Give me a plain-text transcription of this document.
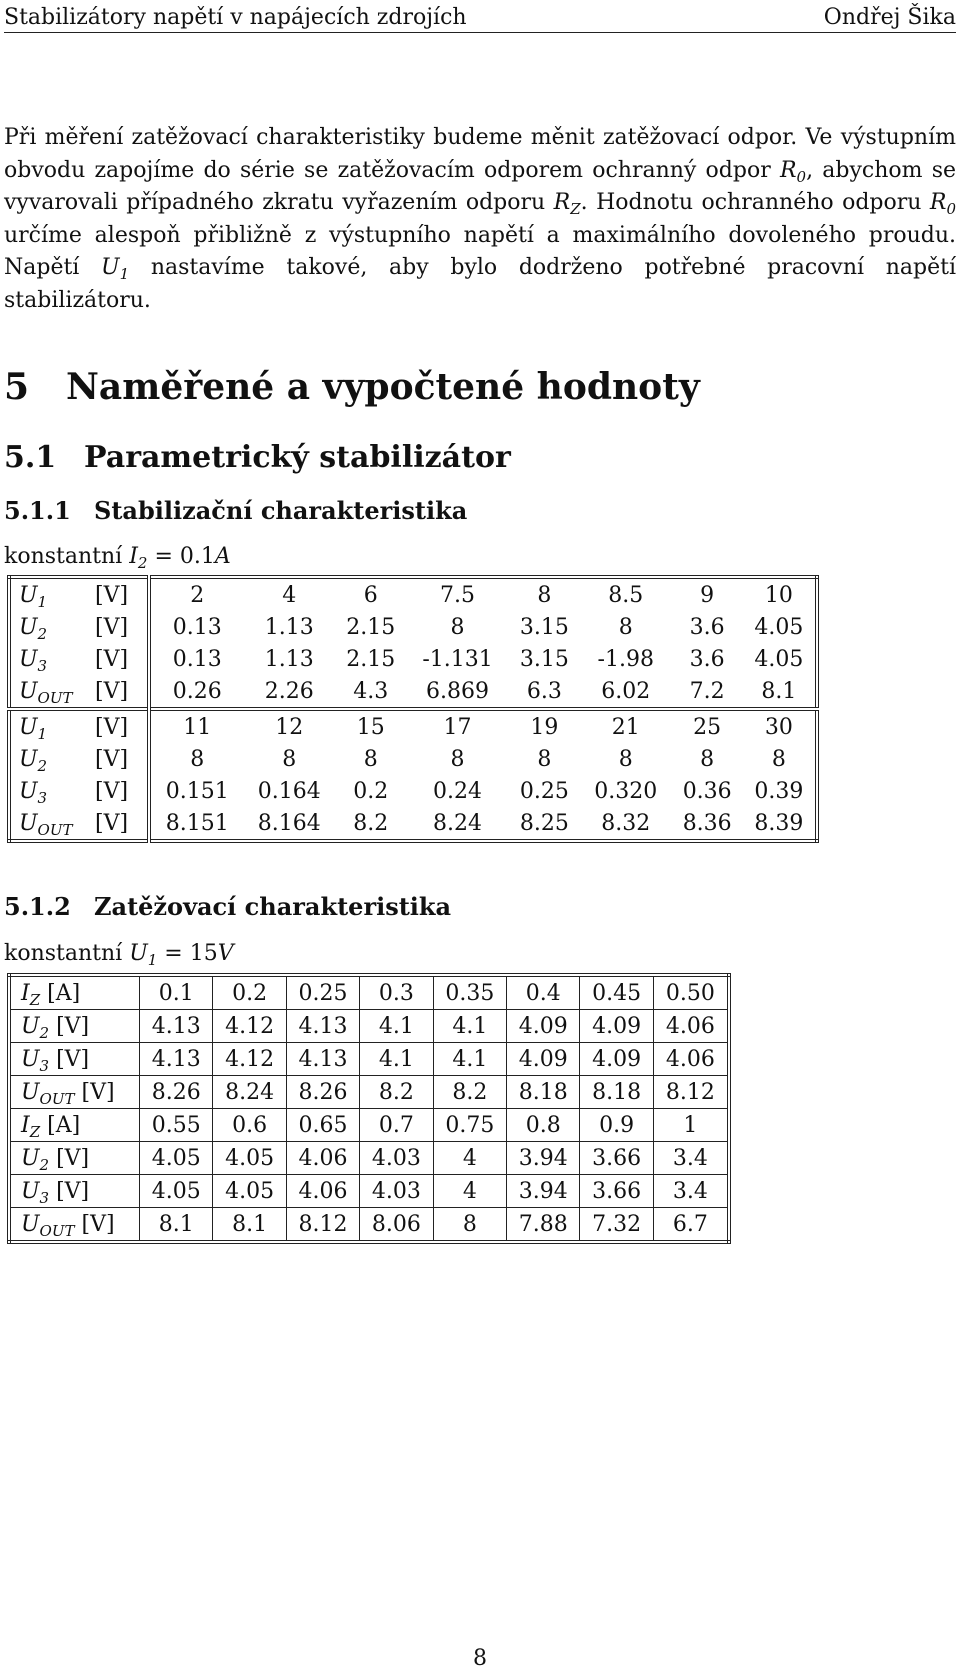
Stabilizátory napětí v napájecích zdrojích	Ondřej Šika

Při měření zatěžovací charakteristiky budeme měnit zatěžovací odpor. Ve výstupním obvodu zapojíme do série se zatěžovacím odporem ochranný odpor $R_0$, abychom se vyvarovali případného zkratu vyřazením odporu $R_Z$. Hodnotu ochranného odporu $R_0$ určíme alespoň přibližně z výstupního napětí a maximálního dovoleného proudu. Napětí $U_1$ nastavíme takové, aby bylo dodrženo potřebné pracovní napětí stabilizátoru.

5 Naměřené a vypočtené hodnoty
5.1 Parametrický stabilizátor
5.1.1 Stabilizační charakteristika
konstantní $I_2 = 0.1A$
$U_1$	[V]	2	4	6	7.5	8	8.5	9	10
$U_2$	[V]	0.13	1.13	2.15	8	3.15	8	3.6	4.05
$U_3$	[V]	0.13	1.13	2.15	-1.131	3.15	-1.98	3.6	4.05
$U_{OUT}$	[V]	0.26	2.26	4.3	6.869	6.3	6.02	7.2	8.1
$U_1$	[V]	11	12	15	17	19	21	25	30
$U_2$	[V]	8	8	8	8	8	8	8	8
$U_3$	[V]	0.151	0.164	0.2	0.24	0.25	0.320	0.36	0.39
$U_{OUT}$	[V]	8.151	8.164	8.2	8.24	8.25	8.32	8.36	8.39
5.1.2 Zatěžovací charakteristika
konstantní $U_1 = 15V$
$I_Z$ [A]	0.1	0.2	0.25	0.3	0.35	0.4	0.45	0.50
$U_2$ [V]	4.13	4.12	4.13	4.1	4.1	4.09	4.09	4.06
$U_3$ [V]	4.13	4.12	4.13	4.1	4.1	4.09	4.09	4.06
$U_{OUT}$ [V]	8.26	8.24	8.26	8.2	8.2	8.18	8.18	8.12
$I_Z$ [A]	0.55	0.6	0.65	0.7	0.75	0.8	0.9	1
$U_2$ [V]	4.05	4.05	4.06	4.03	4	3.94	3.66	3.4
$U_3$ [V]	4.05	4.05	4.06	4.03	4	3.94	3.66	3.4
$U_{OUT}$ [V]	8.1	8.1	8.12	8.06	8	7.88	7.32	6.7
8
